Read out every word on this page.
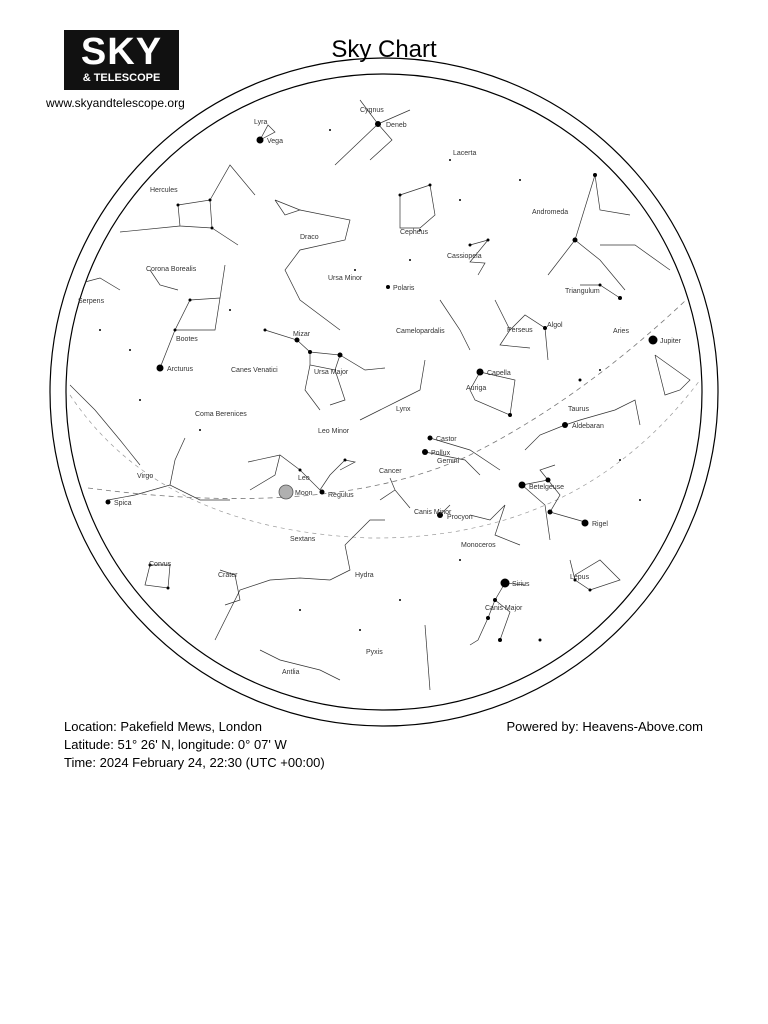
SKY
& TELESCOPE
www.skyandtelescope.org
Sky Chart
Cygnus
Lyra
Lacerta
Hercules
Andromeda
Draco
Cepheus
Cassiopeia
Corona Borealis
Ursa Minor
Triangulum
Serpens
Mizar	Camelopardalis	Perseus
Algol
Aries
Bootes
Canes Venatici	Ursa Major
Auriga
Coma Berenices
Lynx	Taurus
Leo Minor
Gemini
Leo
Cancer
Virgo
Canis Minor
Sextans
Monoceros
Corvus
Crater	Hydra	Lepus
Canis Major
Pyxis
Antlia
Deneb
Vega
Polaris
Jupiter
Arcturus
Capella
Aldebaran
Castor
Pollux
Regulus
Betelgeuse
Spica
Procyon
Rigel
Sirius
Moon
Location: Pakefield Mews, London
Latitude: 51° 26' N, longitude: 0° 07' W
Time: 2024 February 24, 22:30 (UTC +00:00)
Powered by: Heavens-Above.com
